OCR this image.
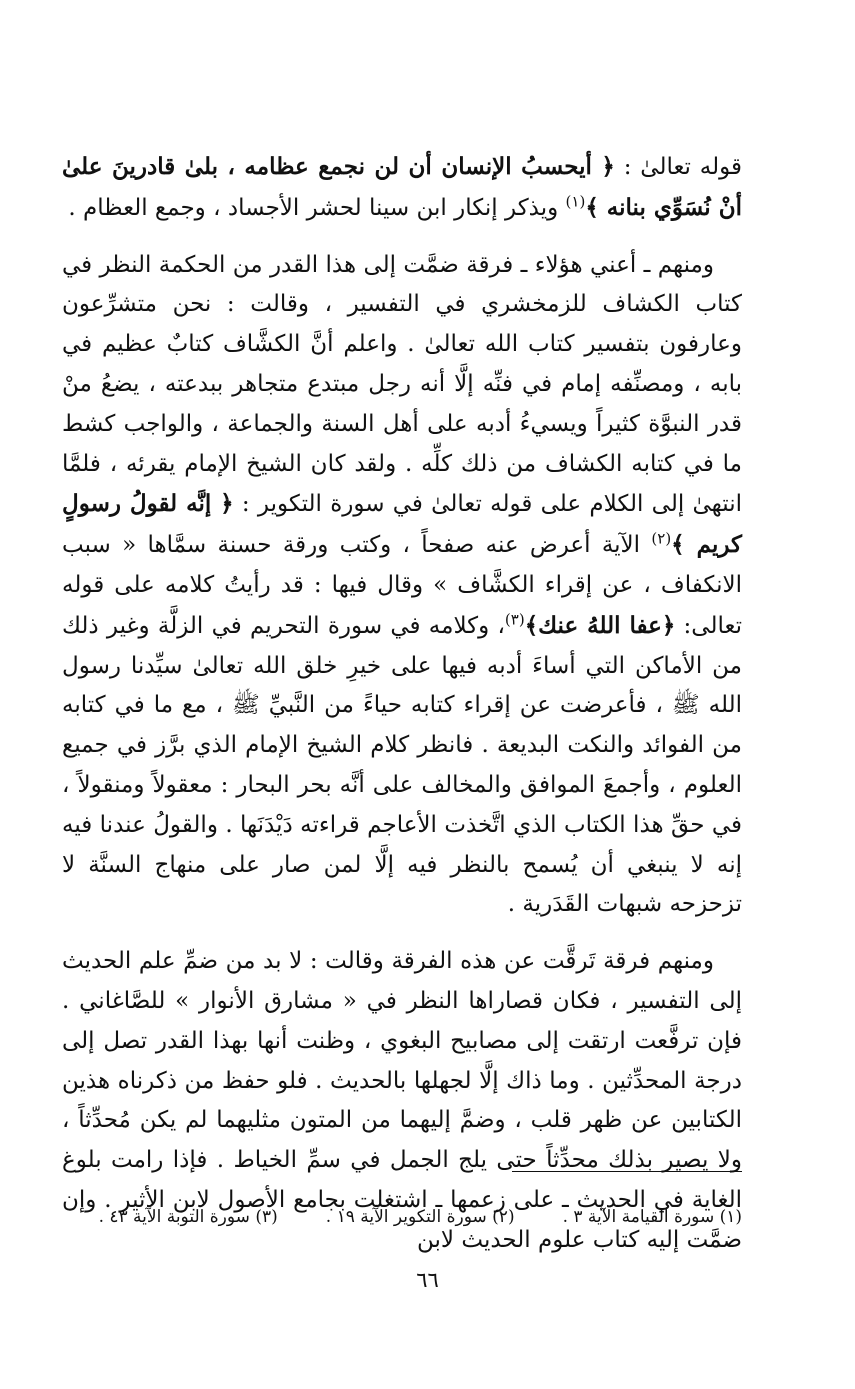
قوله تعالىٰ : ﴿ أيحسبُ الإنسان أن لن نجمع عظامه ، بلىٰ قادرينَ علىٰ أنْ نُسَوِّي بنانه ﴾$^{(١)}$ ويذكر إنكار ابن سينا لحشر الأجساد ، وجمع العظام .

ومنهم ـ أعني هؤلاء ـ فرقة ضمَّت إلى هذا القدر من الحكمة النظر في كتاب الكشاف للزمخشري في التفسير ، وقالت : نحن متشرِّعون وعارفون بتفسير كتاب الله تعالىٰ . واعلم أنَّ الكشَّاف كتابٌ عظيم في بابه ، ومصنِّفه إمام في فنِّه إلَّا أنه رجل مبتدع متجاهر ببدعته ، يضعُ منْ قدر النبوَّة كثيراً ويسيءُ أدبه على أهل السنة والجماعة ، والواجب كشط ما في كتابه الكشاف من ذلك كلِّه . ولقد كان الشيخ الإمام يقرئه ، فلمَّا انتهىٰ إلى الكلام على قوله تعالىٰ في سورة التكوير : ﴿ إنَّه لقولُ رسولٍ كريم ﴾$^{(٢)}$ الآية أعرض عنه صفحاً ، وكتب ورقة حسنة سمَّاها « سبب الانكفاف ، عن إقراء الكشَّاف » وقال فيها : قد رأيتُ كلامه على قوله تعالى: ﴿عفا اللهُ عنك﴾$^{(٣)}$، وكلامه في سورة التحريم في الزلَّة وغير ذلك من الأماكن التي أساءَ أدبه فيها على خيرِ خلق الله تعالىٰ سيِّدنا رسول الله ﷺ ، فأعرضت عن إقراء كتابه حياءً من النَّبيِّ ﷺ ، مع ما في كتابه من الفوائد والنكت البديعة . فانظر كلام الشيخ الإمام الذي برَّز في جميع العلوم ، وأجمعَ الموافق والمخالف على أنَّه بحر البحار : معقولاً ومنقولاً ، في حقِّ هذا الكتاب الذي اتَّخذت الأعاجم قراءته دَيْدَنَها . والقولُ عندنا فيه إنه لا ينبغي أن يُسمح بالنظر فيه إلَّا لمن صار على منهاج السنَّة لا تزحزحه شبهات القَدَرية .

ومنهم فرقة تَرقَّت عن هذه الفرقة وقالت : لا بد من ضمِّ علم الحديث إلى التفسير ، فكان قصاراها النظر في « مشارق الأنوار » للصَّاغاني . فإن ترفَّعت ارتقت إلى مصابيح البغوي ، وظنت أنها بهذا القدر تصل إلى درجة المحدِّثين . وما ذاك إلَّا لجهلها بالحديث . فلو حفظ من ذكرناه هذين الكتابين عن ظهر قلب ، وضمَّ إليهما من المتون مثليهما لم يكن مُحدِّثاً ، ولا يصير بذلك محدِّثاً حتى يلج الجمل في سمِّ الخياط . فإذا رامت بلوغ الغاية في الحديث ـ على زعمها ـ اشتغلت بجامع الأصول لابن الأثير . وإن ضمَّت إليه كتاب علوم الحديث لابن

(١) سورة القيامة الآية ٣ .
(٢) سورة التكوير الآية ١٩ .
(٣) سورة التوبة الآية ٤٣ .
٦٦
